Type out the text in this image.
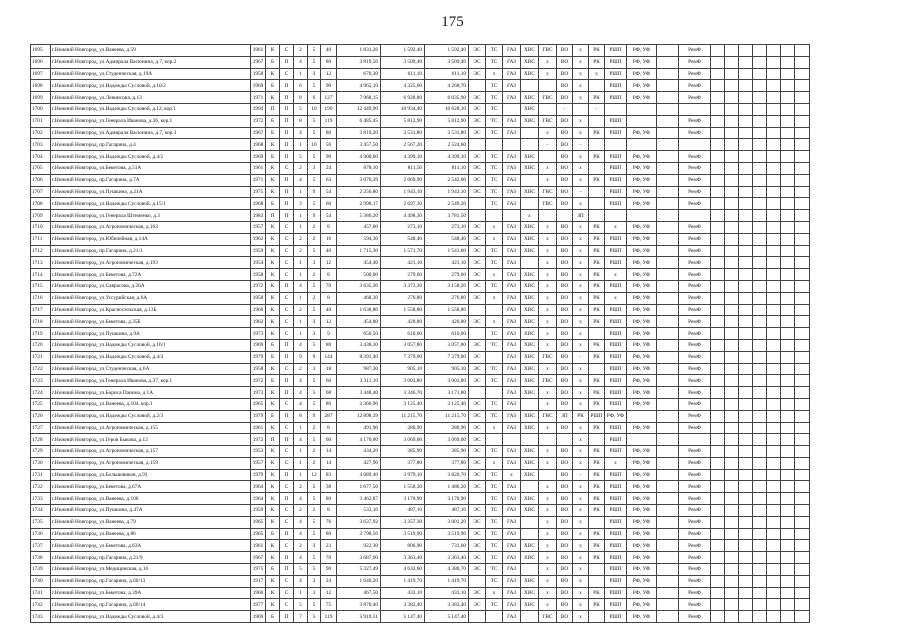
175
1695	г.Нижний Новгород, ул.Ванеева, д.59	1961	К	С	2	5	40	1 831,26	1 592,40	1 592,40	ЭС	ТС	ГАЗ	ХВС	ГВС	ВО	х	РК	РШП	РФ, УФ		РемФ							
1696	г.Нижний Новгород, ул.Адмирала Васюнина, д.7, кор.2	1967	Б	П	4	5	80	3 819,50	3 509,40	3 509,40	ЭС	ТС	ГАЗ	ХВС	х	ВО	х	РК	РШП	РФ, УФ		РемФ							
1697	г.Нижний Новгород, ул.Студенческая, д.19А	1958	К	С	1	3	12	670,30	611,10	611,10	ЭС	х	ГАЗ	ХВС	х	ВО	х	х	РШП	РФ, УФ		РемФ							
1698	г.Нижний Новгород, ул.Надежды Сусловой, д.10/2	1969	Б	П	6	5	90	4 965,10	4 325,60	4 268,70		ТС	ГАЗ			ВО	х		РШП	РФ, УФ		РемФ							
1699	г.Нижний Новгород, ул.Левинсона, д.13	1971	К	П	8	6	127	7 968,15	6 928,80	6 035,90	ЭС	ТС	ГАЗ	ХВС	ГВС	ВО	х	РК	РШП	РФ, УФ		РемФ							
1700	г.Нижний Новгород, ул.Надежды Сусловой, д.12, кор.1	1994	П	П	5	10	199	12 449,90	10 934,40	10 628,10	ЭС	ТС		ХВС		-		-											
1701	г.Нижний Новгород, ул.Генерала Иванова, д.36, кор.1	1972	Б	П	8	5	119	6 485,45	5 812,90	5 812,90	ЭС	ТС	ГАЗ	ХВС	ГВС	ВО	х		РШП			РемФ							
1702	г.Нижний Новгород, ул.Адмирала Васюнина, д.7, кор.3	1967	Б	П	4	5	80	3 810,20	3 531,80	3 531,80	ЭС	ТС	ГАЗ		х	ВО	х	РК	РШП	РФ, УФ		РемФ							
1703	г.Нижний Новгород, пр.Гагарина, д.4	1968	К	П	1	10	56	3 457,50	2 567,20	2 524,60					-	ВО	-												
1704	г.Нижний Новгород, ул.Надежды Сусловой, д.4/2	1969	Б	П	5	5	90	4 900,60	4 399,10	4 399,10	ЭС	ТС	ГАЗ	ХВС		ВО	х	РК	РШП	РФ, УФ		РемФ							
1705	г.Нижний Новгород, ул.Бекетова, д.51А	1961	К	С	2	3	24	878,10	811,50	811,10	ЭС	ТС	ГАЗ	ХВС	х	ВО	х		РШП	РФ, УФ		РемФ							
1706	г.Нижний Новгород, пр.Гагарина, д.7А	1971	К	П	4	5	63	3 070,39	2 669,90	2 542,00	ЭС	ТС	ГАЗ		х	ВО	х	РК	РШП	РФ, УФ		РемФ							
1707	г.Нижний Новгород, ул.Пушкина, д.21А	1975	К	П	1	9	54	2 256,80	1 943,10	1 943,10	ЭС	ТС	ГАЗ	ХВС	ГВС	ВО	-		РШП	РФ, УФ		РемФ							
1708	г.Нижний Новгород, ул.Надежды Сусловой, д.15/1	1968	Б	П	3	5	60	2 998,17	2 697,30	2 549,20		ТС	ГАЗ		ГВС	ВО	х		РШП	РФ, УФ		РемФ							
1709	г.Нижний Новгород, ул.Генерала Штеменко, д.3	1983	П	П	1	9	54	5 386,20	4 498,30	3 781,50				х			ЗП												
1710	г.Нижний Новгород, ул.Агрономическая, д.163	1957	К	С	1	2	8	457,00	273,10	273,10	ЭС	х	ГАЗ	ХВС	х	ВО	х	РК	х	РФ, УФ		РемФ							
1711	г.Нижний Новгород, ул.Юбилейная, д.14А	1962	К	С	2	2	16	594,30	548,40	548,40	ЭС	х	ГАЗ	ХВС	х	ВО	х	РК	РШП	РФ, УФ		РемФ							
1712	г.Нижний Новгород, пр.Гагарина, д.21/1	1959	К	С	2	5	40	1 715,30	1 571,70	1 541,60	ЭС	ТС	ГАЗ	ХВС	х	ВО	х	РК	РШП	РФ, УФ		РемФ							
1713	г.Нижний Новгород, ул.Агрономическая, д.193	1954	К	С	1	3	12	454,40	421,10	421,10	ЭС	ТС	ГАЗ		х	ВО	х	РК	РШП	РФ, УФ		РемФ							
1714	г.Нижний Новгород, ул.Бекетова, д.72А	1958	К	С	1	2	8	500,00	279,60	279,60	ЭС	х	ГАЗ	ХВС	х	ВО	х	РК	х	РФ, УФ		РемФ							
1715	г.Нижний Новгород, ул.Саврасова, д.26А	1972	К	П	4	5	70	3 635,30	3 372,30	3 158,20	ЭС	ТС	ГАЗ	ХВС	х	ВО	х	РК	РШП	РФ, УФ		РемФ							
1716	г.Нижний Новгород, ул.Уссурийская, д.6А	1958	К	С	1	2	8	468,30	276,80	276,80	ЭС	х	ГАЗ	ХВС	х	ВО	х	РК	х	РФ, УФ		РемФ							
1717	г.Нижний Новгород, ул.Красносельская, д.13Б	1960	К	С	2	5	40	1 638,80	1 558,80	1 558,80			ГАЗ	ХВС	х	ВО	х	РК	РШП	РФ, УФ		РемФ							
1718	г.Нижний Новгород, ул.Бекетова, д.35Б	1962	К	С	1	3	12	454,80	420,80	420,80	ЭС	х	ГАЗ	ХВС	х	ВО	х	РК	РШП	РФ, УФ		РемФ							
1719	г.Нижний Новгород, ул.Пушкина, д.9А	1973	К	С	1	3	9	650,50	610,00	610,00		ТС	ГАЗ	ХВС	х	ВО	х		РШП	РФ, УФ		РемФ							
1720	г.Нижний Новгород, ул.Надежды Сусловой, д.16/1	1969	Б	П	4	5	80	3 438,30	3 057,80	3 057,80	ЭС	ТС	ГАЗ	ХВС	х	ВО	х	РК	РШП	РФ, УФ		РемФ							
1721	г.Нижний Новгород, ул.Надежды Сусловой, д.4/4	1979	Б	П	9	9	144	8 391,40	7 379,00	7 379,00	ЭС		ГАЗ	ХВС	ГВС	ВО	-	РК	РШП	РФ, УФ		РемФ							
1722	г.Нижний Новгород, ул.Студенческая, д.6А	1958	К	С	2	3	18	987,30	905,10	905,10	ЭС	ТС	ГАЗ	ХВС	х	ВО	х		РШП	РФ, УФ		РемФ							
1723	г.Нижний Новгород, ул.Генерала Иванова, д.37, кор.1	1972	Б	П	4	5	60	3 311,10	3 003,80	3 003,80	ЭС	ТС	ГАЗ	ХВС	ГВС	ВО	х	РК	РШП	РФ, УФ		РемФ							
1724	г.Нижний Новгород, ул.Бориса Панина, д.1А	1973	К	П	4	5	68	3 448,40	3 346,70	3 171,80			ГАЗ	ХВС	х	ВО	х	РК	РШП	РФ, УФ		РемФ							
1725	г.Нижний Новгород, ул.Ванеева, д.104, кор.1	1965	К	С	4	5	80	3 366,90	3 125,40	3 125,40	ЭС	ТС	ГАЗ		х	ВО	х	РК	РШП	РФ, УФ		РемФ							
1726	г.Нижний Новгород, ул.Надежды Сусловой, д.2/3	1979	Б	П	8	9	287	12 898,39	11 215,70	11 215,70	ЭС	ТС	ГАЗ	ХВС	ГВС	ЗП	РК	РШП	РФ, УФ			РемФ							
1727	г.Нижний Новгород, ул.Агрономическая, д.155	1961	К	С	1	2	8	491,90	280,90	280,90	ЭС	х	ГАЗ	ХВС	х	ВО	х	РК	РШП	РФ, УФ		РемФ							
1728	г.Нижний Новгород, ул.Героя Быкова, д.12	1972	П	П	4	5	60	4 170,00	3 069,00	3 069,00	ЭС						х		РШП										
1729	г.Нижний Новгород, ул.Агрономическая, д.157	1953	К	С	1	2	14	434,20	385,90	385,90	ЭС	ТС	ГАЗ	ХВС	х	ВО	х	РК	РШП	РФ, УФ		РемФ							
1730	г.Нижний Новгород, ул.Агрономическая, д.159	1957	К	С	1	2	14	427,90	377,80	377,80	ЭС	х	ГАЗ	ХВС	х	ВО	х	РК	х	РФ, УФ		РемФ							
1731	г.Нижний Новгород, ул.Большевиков, д.93	1979	К	П	1	12	83	4 089,40	3 979,10	3 820,70	ЭС	ТС	х	ХВС		ВО	-	РК	РШП	РФ, УФ		РемФ							
1732	г.Нижний Новгород, ул.Бекетова, д.67А	1964	К	С	2	5	38	1 677,50	1 558,30	1 486,20	ЭС	ТС	ГАЗ		х	ВО	х	РК	РШП	РФ, УФ		РемФ							
1733	г.Нижний Новгород, ул.Ванеева, д.100	1964	К	П	4	5	80	3 462,87	3 170,90	3 170,90		ТС	ГАЗ	ХВС	х	ВО	х	РК	РШП	РФ, УФ		РемФ							
1734	г.Нижний Новгород, ул.Пушкина, д.47А	1959	К	С	2	2	8	533,10	487,10	487,10	ЭС	ТС	ГАЗ	ХВС	х	ВО	х	РК	РШП	РФ, УФ		РемФ							
1735	г.Нижний Новгород, ул.Ванеева, д.79	1965	К	С	4	5	76	3 637,92	3 357,30	3 001,20	ЭС	ТС	ГАЗ		х	ВО	х		РШП	РФ, УФ		РемФ							
1736	г.Нижний Новгород, ул.Ванеева, д.86	1965	Б	П	4	5	80	3 798,50	3 519,90	3 519,90	ЭС	ТС	ГАЗ		х	ВО	х	РК	РШП	РФ, УФ		РемФ							
1737	г.Нижний Новгород, ул.Бекетова, д.63А	1961	К	С	2	3	23	922,30	806,90	731,60	ЭС	ТС	ГАЗ	ХВС	х	ВО	х	РК	РШП	РФ, УФ		РемФ							
1738	г.Нижний Новгород, пр.Гагарина, д.21/9	1967	К	П	4	5	70	3 687,90	3 363,40	3 363,40	ЭС	ТС	ГАЗ	ХВС	х	ВО	х	РК	РШП	РФ, УФ		РемФ							
1739	г.Нижний Новгород, ул.Медицинская, д.16	1975	Б	П	5	5	90	5 327,49	4 632,60	4 380,70	ЭС	ТС	ГАЗ		х	ВО	х		РШП	РФ, УФ		РемФ							
1740	г.Нижний Новгород, пр.Гагарина, д.60/13	1917	К	С	4	3	24	1 640,20	1 419,70	1 419,70		ТС	ГАЗ	ХВС	х	ВО	х		РШП	РФ, УФ		РемФ							
1741	г.Нижний Новгород, ул.Бекетова, д.39А	1960	К	С	1	3	12	467,50	433,10	433,10	ЭС	х	ГАЗ	ХВС	х	ВО	х	РК	РШП	РФ, УФ		РемФ							
1742	г.Нижний Новгород, пр.Гагарина, д.60/14	1977	К	С	5	5	75	3 870,40	3 383,40	3 383,40	ЭС	ТС	ГАЗ	ХВС	х	ВО	х	РК	РШП	РФ, УФ		РемФ							
1743	г.Нижний Новгород, ул.Надежды Сусловой, д.4/3	1969	Б	П	7	5	119	5 919,51	5 147,40	5 147,40			ГАЗ		ГВС	ВО	х		РШП	РФ, УФ		РемФ							
